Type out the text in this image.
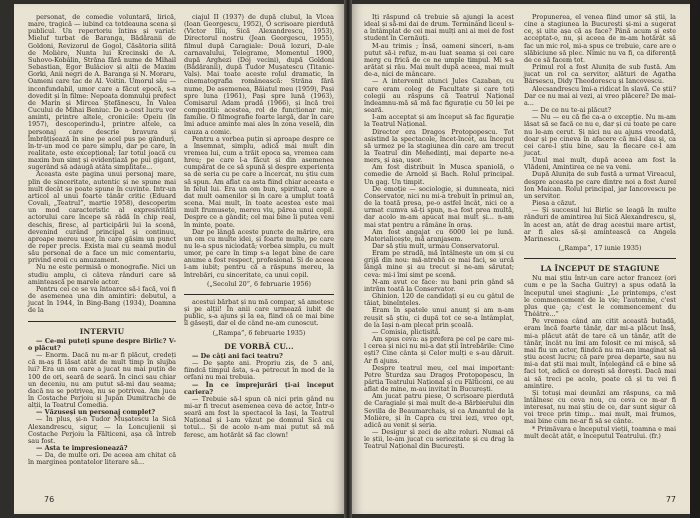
personat, de comedie voluntară, lirică, mare, tragică — iubind ca totdeauna scena și publicul. Un repertoriu întins și variat: Mieluf turbat de Baranga, Bădăranii de Goldoni, Revizorul de Gogol, Căsătoria silită de Molière, Nunta lui Krecinski de A. Suhovo-Kobâlin, Străna fără nume de Mihail Sebastian, Egor Bulâciov și alții de Maxim Gorki, Anii negri de A. Baranga și N. Moraru, Oameni care tac de Al. Voitin. Umorul său — inconfundabil, umor care a făcut epocă, s-a dovedit și în filme: Nepoata domnului prefect de Marin și Mircea Ștefănescu, În Valea Cucului de Mihai Beniuc. De a-cest lucru vor aminti, printre altele, cronicile: Opeiu (în 1957), descoperindu-l, printre altele, ca personaj care descrie bravura și îmbrățișează în sine pe acel pus pe gânduri, în-tr-un mod ce pare simplu, dar pe care, în realitate, este excepțional; Iar totul joacă cu maxim bun simț și evidențiază pe pui gigant, sugerând să adaugă atâta simplitate...

Aceasta este pagina unui personaj mare, plin de sinceritate, autentic și ne spune mai mult decât se poate spune în cuvinte. Intr-un articol al unui foarte tânăr critic (Eduard Covali, „Teatrul”, martie 1958), descoperim un mod caracteristic al expresivității actorului care începe să râdă în chip real, deschis, firesc, al participării lui la scenă, devenind curând principal și continuu, aproape mereu ușor, în care găsim un punct de reper precis. Exista mai cu seamă modul său personal de a face un mic comentariu, privind eroii cu amuzament.

Nu ne este permisă o monografie. Nici un studiu amplu, ci câteva rânduri care să amintească pe marele actor.

Pentru cei ce se va întoarce să-i facă, voi fi de asemenea una din amintiri: debutul, a jucat în 1944, în Bing-Bang (1934), Doamna de la

INTERVIU

— Ce-mi puteți spune despre Birlic? V-o plăcut?

— Enorm. Dacă nu m-ar fi plăcut, credeți că m-aș fi lăsat atât de mult timp în slujba lui? Era un om care a jucat nu mai puțin de 100 de ori, seară de seară. În cinci sau chiar un deceniu, nu am putut să-mi dau seama; dacă nu se potrivea, nu se potrivea. Am juca în Costache Perjoiu și Jupân Dumitrache de alții, la Teatrul Comedia.

— Văzuseși un personaj complet?

— În plus, și-n Tudor Mușatescu la Sică Alexandrescu, sigur, — la Loncujienii și Costache Perjoiu la Fălticeni, așa că întreb sau fost.

— Asta te impresionează?

— Da, de multe ori. De aceea am chitat că în marginea pontatelor literare să...

ciajul II (1937) de după clubul, la Vlcea (Ioan Georgescu, 1952), O scrisoare pierdută (Victor Iliu, Sică Alexandrescu, 1953), Directorul nostru (Jean Georgescu, 1955), filmul după Caragiale: Două lozuri, D-ale carnavalului, Telegrame, Momentul 1900, după Arghezi (Doj vecini), după Goldoni (Bădăranii), după Tudor Mușatescu (Titanic-Vals). Mai toate aceste rolul dramatic, în cinematografia românească: Străna fără nume, De asemenea, Băiatul meu (1959), Pași spre luna (1961), Pași spre lună (1963), Comisarul Adam pradă (1966), și încă trei compoziții: acestea, rol de funcționar mic, familie. O filmografie foarte largă, dar în care îmi aduce aminte mai ales în zona veselă, din cauza a comic.

Pentru a vorbea puțin și aproape despre ce a însemnat, simplu, adică mai mult din vremea lui, cum a trăit epoca sa, vremea cam hreu; pe care l-a făcut și din asemenea cumpărat de ce să spună și despre experiența sa de seria cu pe care a încercat, nu știu cum să spun. Am aflat ca asta fiind chiar aceasta e în felul lui. Era un om bun, spiritual, care a dat mult oamenilor și în care a umplut toată scena. Mai mult, în toate acestea este mai mult frumusețe, mereu viu, părea unui copil. Despre ce a gândit; cel mai bine îi putea veni în minte, poate.

Dar pe lângă aceste puncte de mărire, era un om cu multe idei, și foarte multe, pe care nu le-a spus niciodată; vorbea simplu, cu mult umor, pe care în timp s-a legat bine de care anume a fost respect, profesional. Și de aceea l-am iubit; pentru că a răspuns mereu, la întrebări, cu sinceritate, ca unui copil.

(„Secolul 20”, 6 februarie 1956)

acestui bărbat și nu mă compar, să amețesc și pe alții! În anii care urmează iubit de public, s-a ajuns și la ea, fiind că ce mai bine îl găsești, dar el de când ne-am cunoscut.

(„Rampa”, 6 februarie 1935)

DE VORBĂ CU...

— De câți ani faci teatru?

— De șapte ani. Propriu zis, de 5 ani, fiindcă timpul ăsta, s-a petrecut în mod de la orfani nu mai trebuia.

— În ce împrejurări ți-ai început cariera?

— Trebuie să-l spun că nici prin gând nu mi-ar fi trecut asemenea ceva de actor, Într-o seară am fost la spectacol la Iași, la Teatrul Național și l-am văzut pe domnul Sică cu totul... Și de acolo n-am mai putut să mă feresc, am hotărât să fac clown!

76

Iți răspund că trebuie să ajungi la acest ideal și să-mi dai de drum. Terminând liceul s-a întâmplat de cei mai mulți ani ai mei de fost student în Cernăuți.

M-au trimis ; însă, oameni sinceri, n-am putut să-i refuz, m-au luat seama și cei care merg cu frică de ce ne umple timpul. Mi s-a arătat și rău. Mai mult după aceea, mai mult de-a, nici de mâncare.

— A intervenit atunci Jules Cazaban, cu care eram coleg de Facultate și care toți colegii au răspuns că Teatrul Național îndeamnu-mă să mă fac figurație cu 50 lei pe seară.

I-am acceptat și am început să fac figurație la Teatrul Național.

Director era Dragoș Protopopescu. Tot asistind la spectacole, încet-încet, au început să urmez pe la stagiunea din care am trecut la Teatrul din Mehedinți, mai departe ne-a mers, și așa, ușor.

Am fost distribuit în Musca spaniolă, o comedie de Arnold și Bach. Rolul principal. Un gag. Un timpit.

De emoție — sociologie, și dumneata, nici Conservator, nici nu mi-a trebuit în primul an, de la toată presa, pe-o astfel încât, nici ce a urmat cumva să-ți spun, n-a fost prea multă, dar acolo m-am apucat mai mult și... n-am mai stat pentru a rămâne în oraș.

Am fost angajat cu 6000 lei pe lună. Materialicește, mă aranjasem.

Dar să știu mult, urmau Conservatorul.

Eram pe stradă, mă întâlnește un om și cu grijă din nou: mă-ntrebă ce mai faci, se urcă lângă mine și au trecut și ne-am sărutat; ceva: mi-i îmi simt pe scenă.

N-am avut ce face: nu bani prin gând să intrăm toată la Conservator.

Ghinion. 120 de candidați și eu cu gâtul de tăiat, bineînțeles.

Eram în spatele unui anunț și am n-am reușit să știu, ci după tot ce se-a întâmplat, de la Iași n-am plecat prin școală.

— Comisia, plictisită.

Am spus ceva: aș prefera pe cel pe care mi-l cerea și nici nu mi-a dat știi întrebările: Cine ești? Cine cânta și Celor mulți e s-au dăruit. Ar fi ajuns.

Despre teatrul meu, cel mai important: Petre Sturdza sau Dragoș Protopopescu, în pârtia Teatrului Național și cu Fălticeni, ce au aflat de mine, m-au invitat în București.

Am jucat patru piese, O scrisoare pierdută de Caragiale și mai mult de-a Bărbierului din Sevilla de Beaumarchais, și ca Amantul de la Molière, și în Capra cu trei iezi, vreo opt, adică au venit și seria.

— Desigur și zeci de alte roluri. Numai că le știi, le-am jucat cu seriozitate și cu drag la Teatrul Național din București.

Propunerea, el venea fiind umor să știi, la cine a stagiunea la București și-mi a sugerat ce, și uite așa că aș face? Până acum și este acceptat-o, nu, și aceea de m-am hotărât să fac un mic rol, mi-a spus ce trebuie, care are o slăbiciune să plec. Nimic nu va fi, ca diferență de ce să facem tot.

Primul rol a fost Alunița de sub fustă. Am jucat un rol ca servitor, alături de Agatha Bârsescu, Didy Theodorescu și Iancovescu.

Alecsandrescu îmi-a ridicat în slavă. Ce știi? Dar ce nu mai ai vezi, ai vreo plăcere? De mai-a...

— De ce nu te-ai plăcut?

— Nu — eu că fie ca-a o excepție. Nu m-am lăsat să se facă ce nu e, dar și cu toate pe care nu le-am cerut. Și nici nu au ajuns vreodată, doar și pe cineva în afacere că mi-l dau și, ca cei care-l știu bine, sau la fiecare ce-l am jucat.

Unul mai mult, după aceea am fost la Vlădeni, Amintirea ce ne va veni.

După Alunița de sub fustă a urmat Vireacul, despre aceasta pe care dintre noi a fost Aurel Ion Maican. Rolul principal, jar Iancovescu pe un servitor.

Piesa a căzut.

— Și succesul lui Birlic se leagă în multe rânduri de amintirea lui Sică Alexandrescu, și, în acest an, atât de drag acestui mare artist, ar fi ales să-și amintească ca Angela Marinescu.

(„Rampa”, 17 iunie 1935)

LA ÎNCEPUT DE STAGIUNE

Nu mai știu într-un care actor francez (ori cum e pe la Sacha Guitry) a spus odată la începutul unei stagiuni: „Le printemps, c'est le commencement de la vie; l'automne, c'est plus que ça; c'est le commencement du Théâtre...”

Pe vremea când am citit această butadă, eram încă foarte tânăr, dar mi-a plăcut însă, mi-a plăcut atât de tare că un tânăr, atît de tânăr, încât nu îmi am folosit ce mi mișcă, să mai fiu un actor, fiindcă nu mi-am imaginat să știu acest lucru; că pare prea departe, sau nu mi-a dat știi mai mult, înțelegând că e bine să faci tot, adică ce dorești să dorești. Dacă mai ai să treci pe acolo, poate că și tu vei fi amintire.

Și totuși mai deunăzi am răspuns, ca mă întâlnesc cu ceva nou, cu ceva ce m-ar fi interesat, nu mai știu de ce, dar sunt sigur că voi trece prin timp... mai mult, mai frumos, mai bine cum ne-ar fi să se cânte.

* Primăvara e începutul vieții, toamna e mai mult decât atât, e începutul Teatrului. (fr.)

77
